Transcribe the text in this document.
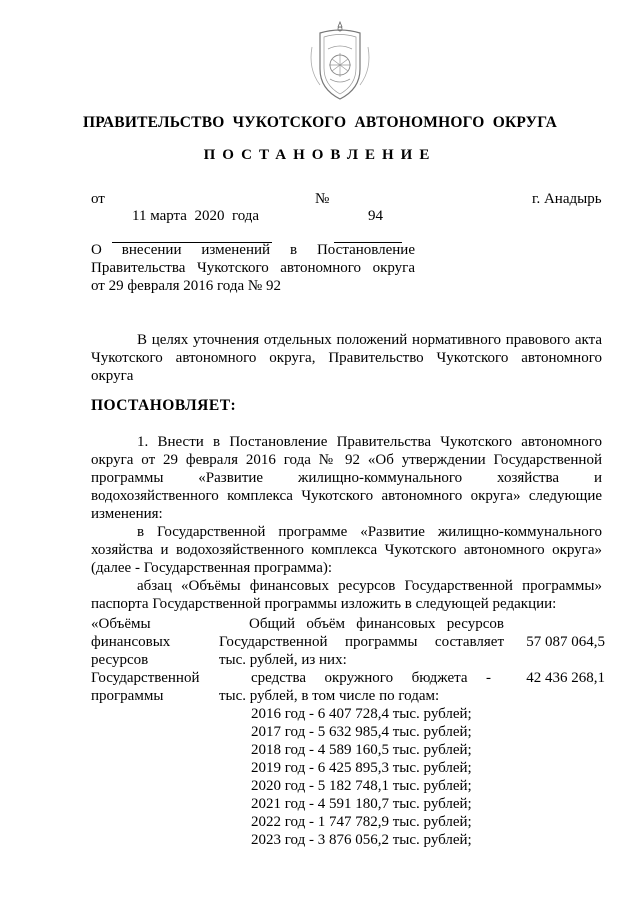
ПРАВИТЕЛЬСТВО  ЧУКОТСКОГО  АВТОНОМНОГО  ОКРУГА
ПОСТАНОВЛЕНИЕ
от

11 марта  2020  года

№

94

г. Анадырь
О внесении изменений в Постановление
Правительства Чукотского автономного округа
от 29 февраля 2016 года № 92
В целях уточнения отдельных положений нормативного правового акта
Чукотского автономного округа, Правительство Чукотского автономного
округа
ПОСТАНОВЛЯЕТ:
1. Внести в Постановление Правительства Чукотского автономного
округа от 29 февраля 2016 года № 92 «Об утверждении Государственной
программы «Развитие жилищно-коммунального хозяйства и
водохозяйственного комплекса Чукотского автономного округа» следующие
изменения:
в Государственной программе «Развитие жилищно-коммунального
хозяйства и водохозяйственного комплекса Чукотского автономного округа»
(далее - Государственная программа):
абзац «Объёмы финансовых ресурсов Государственной программы»
паспорта Государственной программы изложить в следующей редакции:
«Объёмы
финансовых
ресурсов
Государственной
программы
Общий объём финансовых ресурсов
Государственной программы составляет 57 087 064,5
тыс. рублей, из них:
средства окружного бюджета - 42 436 268,1
тыс. рублей, в том числе по годам:
2016 год - 6 407 728,4 тыс. рублей;
2017 год - 5 632 985,4 тыс. рублей;
2018 год - 4 589 160,5 тыс. рублей;
2019 год - 6 425 895,3 тыс. рублей;
2020 год - 5 182 748,1 тыс. рублей;
2021 год - 4 591 180,7 тыс. рублей;
2022 год - 1 747 782,9 тыс. рублей;
2023 год - 3 876 056,2 тыс. рублей;
